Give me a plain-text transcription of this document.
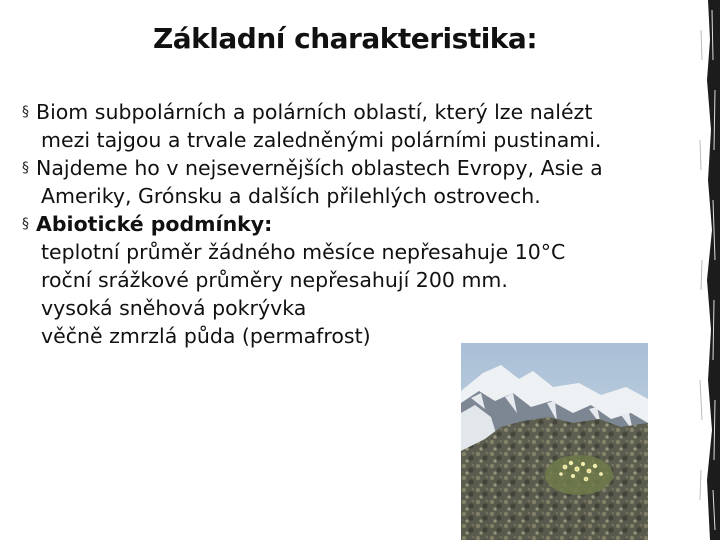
Základní charakteristika:
§ Biom subpolárních a polárních oblastí, který lze nalézt
mezi tajgou a trvale zaledněnými polárními pustinami.
§ Najdeme ho v nejsevernějších oblastech Evropy, Asie a
Ameriky, Grónsku a dalších přilehlých ostrovech.
§ Abiotické podmínky:
teplotní průměr žádného měsíce nepřesahuje 10°C
roční srážkové průměry nepřesahují 200 mm.
vysoká sněhová pokrývka
věčně zmrzlá půda (permafrost)
